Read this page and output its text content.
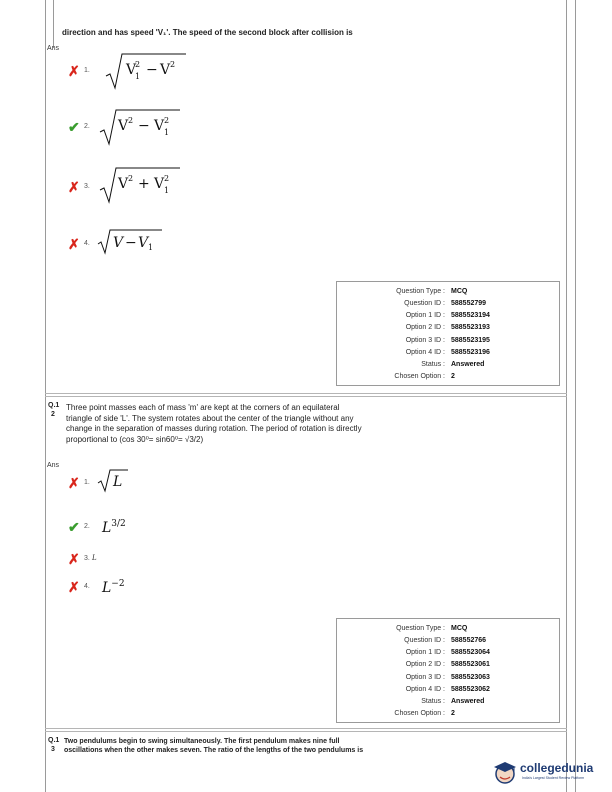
direction and has speed 'V₁'. The speed of the second block after collision is
Ans
✗ 1.	V
2
1 − V 2
✔ 2. V 2 − V 2
1
✗ 3. V 2 + V 2
1
✗ 4. V − V 1
Question Type : MCQ
Question ID : 588552799
Option 1 ID : 5885523194
Option 2 ID : 5885523193
Option 3 ID : 5885523195
Option 4 ID : 5885523196
Status : Answered
Chosen Option : 2
Q.1
2
Three point masses each of mass 'm' are kept at the corners of an equilateral
triangle of side 'L'. The system rotates about the center of the triangle without any
change in the separation of masses during rotation. The period of rotation is directly
proportional to (cos 30⁰= sin60⁰= √3/2)
Ans
✗ 1. L
✔ 2. $L^{3/2}$
✗ 3. L
✗ 4. $L^{-2}$
Question Type : MCQ
Question ID : 588552766
Option 1 ID : 5885523064
Option 2 ID : 5885523061
Option 3 ID : 5885523063
Option 4 ID : 5885523062
Status : Answered
Chosen Option : 2
Q.1
3
Two pendulums begin to swing simultaneously. The first pendulum makes nine full
oscillations when the other makes seven. The ratio of the lengths of the two pendulums is
collegedunia
India's Largest Student Review Platform
